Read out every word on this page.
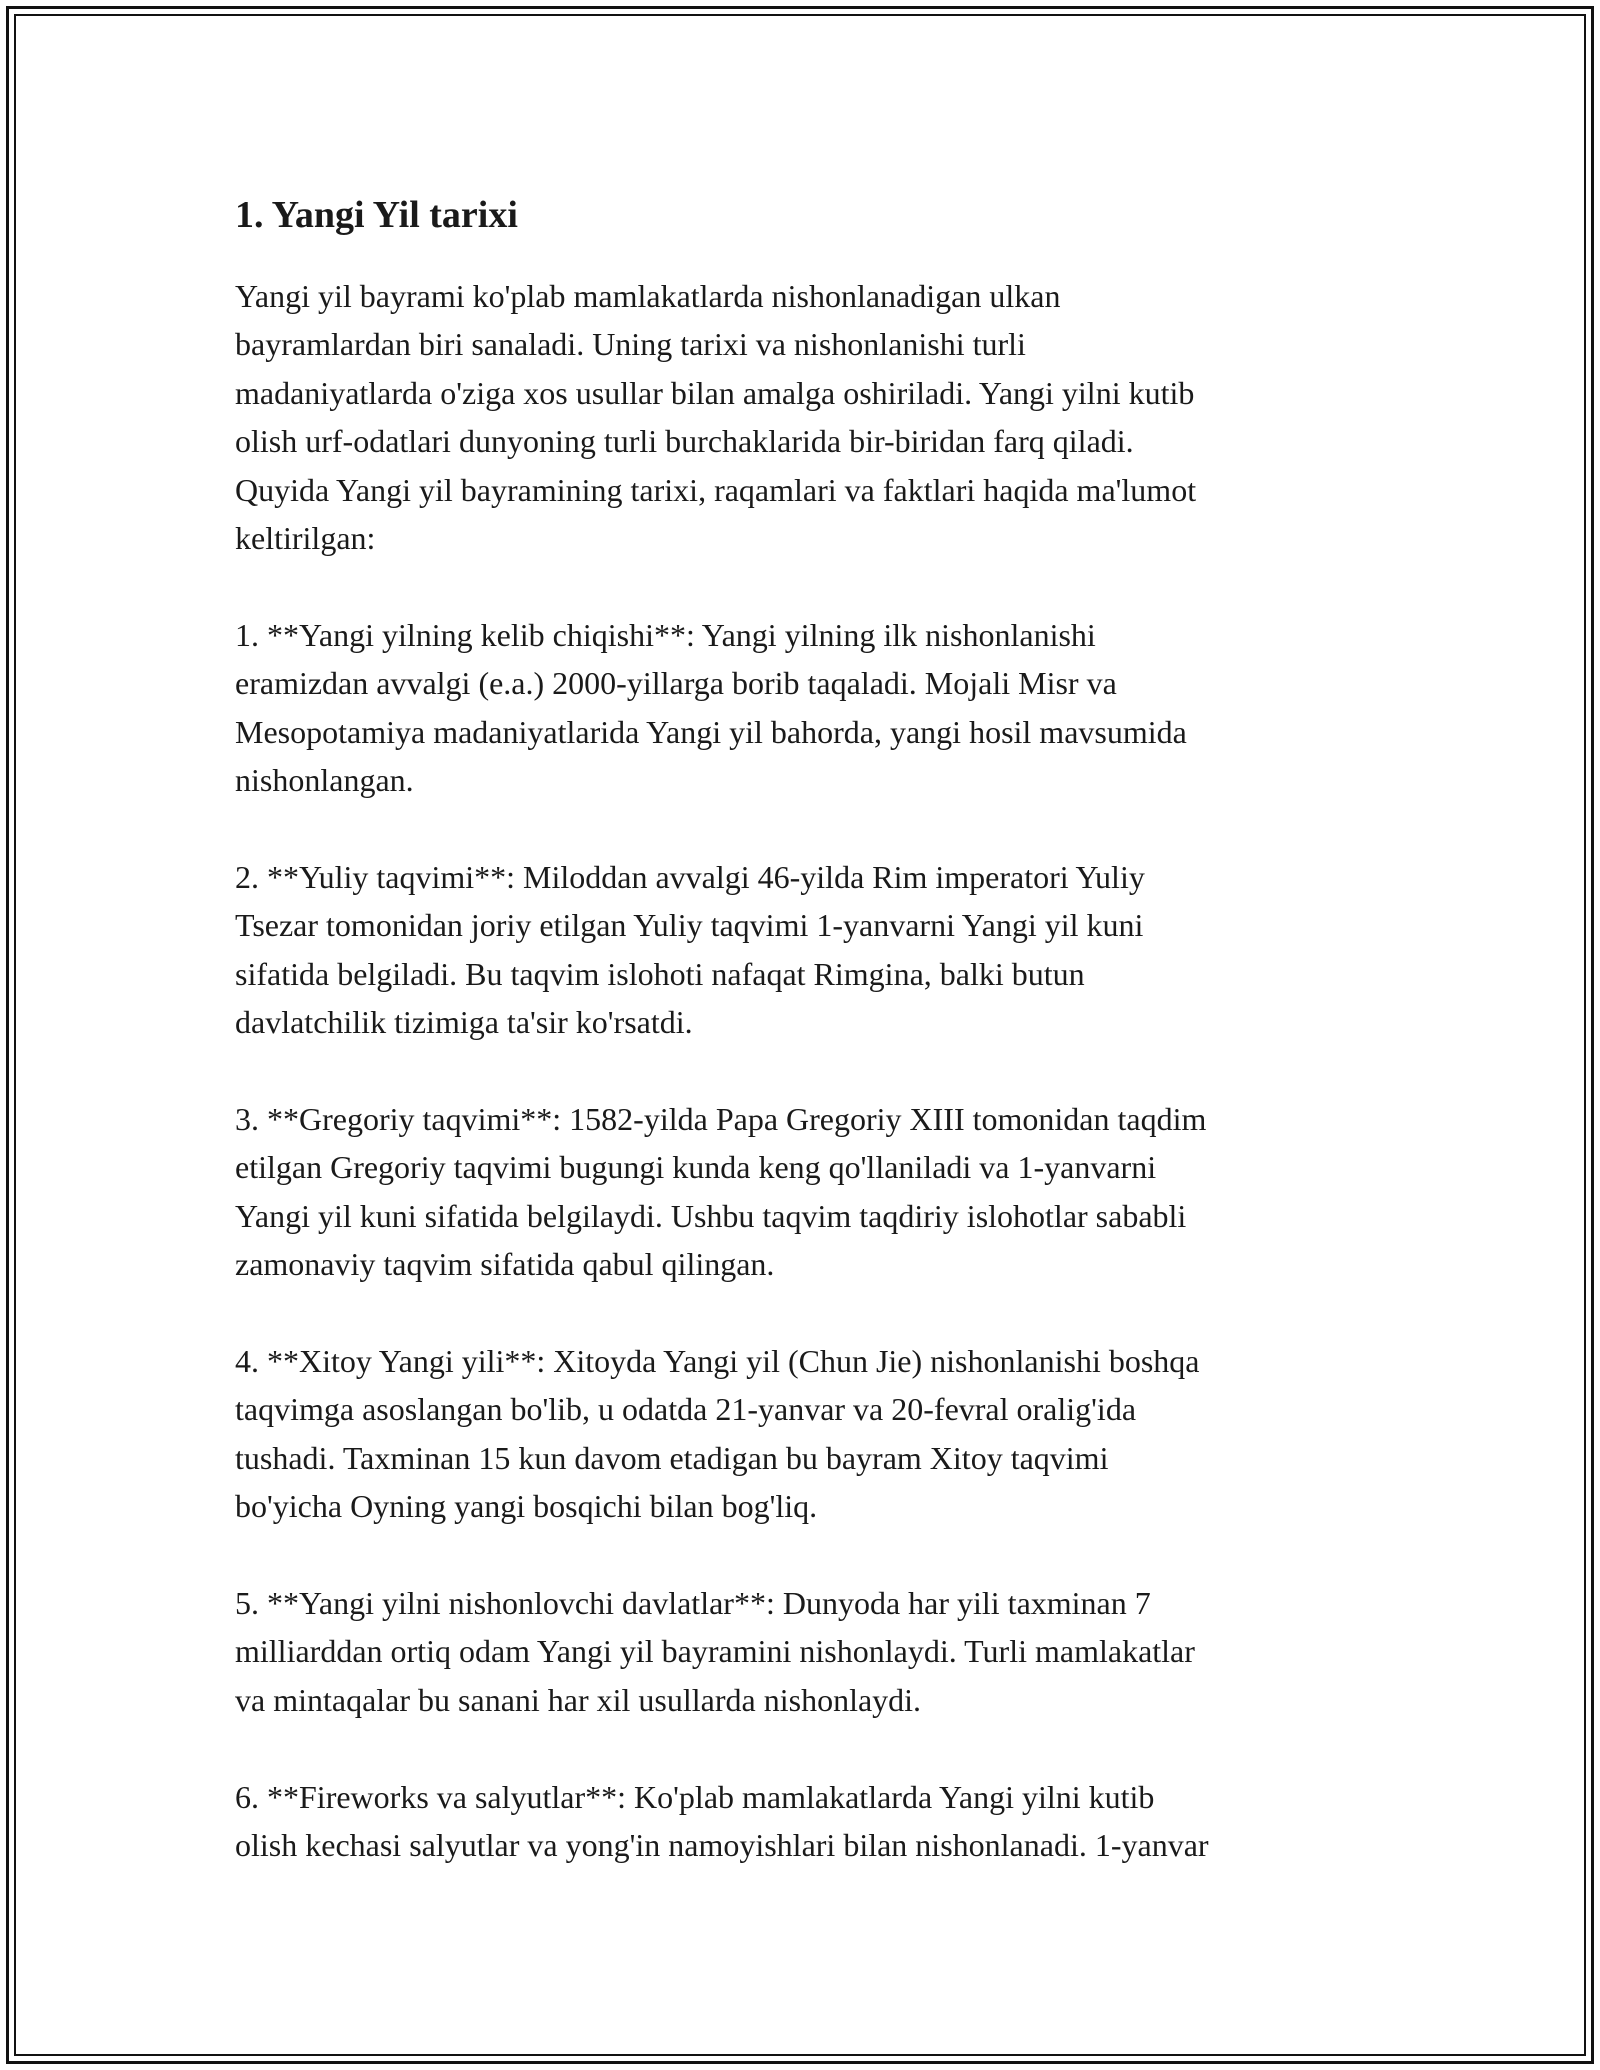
1. Yangi Yil tarixi

Yangi yil bayrami ko'plab mamlakatlarda nishonlanadigan ulkan
bayramlardan biri sanaladi. Uning tarixi va nishonlanishi turli
madaniyatlarda o'ziga xos usullar bilan amalga oshiriladi. Yangi yilni kutib
olish urf-odatlari dunyoning turli burchaklarida bir-biridan farq qiladi.
Quyida Yangi yil bayramining tarixi, raqamlari va faktlari haqida ma'lumot
keltirilgan:

1. **Yangi yilning kelib chiqishi**: Yangi yilning ilk nishonlanishi
eramizdan avvalgi (e.a.) 2000-yillarga borib taqaladi. Mojali Misr va
Mesopotamiya madaniyatlarida Yangi yil bahorda, yangi hosil mavsumida
nishonlangan.

2. **Yuliy taqvimi**: Miloddan avvalgi 46-yilda Rim imperatori Yuliy
Tsezar tomonidan joriy etilgan Yuliy taqvimi 1-yanvarni Yangi yil kuni
sifatida belgiladi. Bu taqvim islohoti nafaqat Rimgina, balki butun
davlatchilik tizimiga ta'sir ko'rsatdi.

3. **Gregoriy taqvimi**: 1582-yilda Papa Gregoriy XIII tomonidan taqdim
etilgan Gregoriy taqvimi bugungi kunda keng qo'llaniladi va 1-yanvarni
Yangi yil kuni sifatida belgilaydi. Ushbu taqvim taqdiriy islohotlar sababli
zamonaviy taqvim sifatida qabul qilingan.

4. **Xitoy Yangi yili**: Xitoyda Yangi yil (Chun Jie) nishonlanishi boshqa
taqvimga asoslangan bo'lib, u odatda 21-yanvar va 20-fevral oralig'ida
tushadi. Taxminan 15 kun davom etadigan bu bayram Xitoy taqvimi
bo'yicha Oyning yangi bosqichi bilan bog'liq.

5. **Yangi yilni nishonlovchi davlatlar**: Dunyoda har yili taxminan 7
milliarddan ortiq odam Yangi yil bayramini nishonlaydi. Turli mamlakatlar
va mintaqalar bu sanani har xil usullarda nishonlaydi.

6. **Fireworks va salyutlar**: Ko'plab mamlakatlarda Yangi yilni kutib
olish kechasi salyutlar va yong'in namoyishlari bilan nishonlanadi. 1-yanvar
